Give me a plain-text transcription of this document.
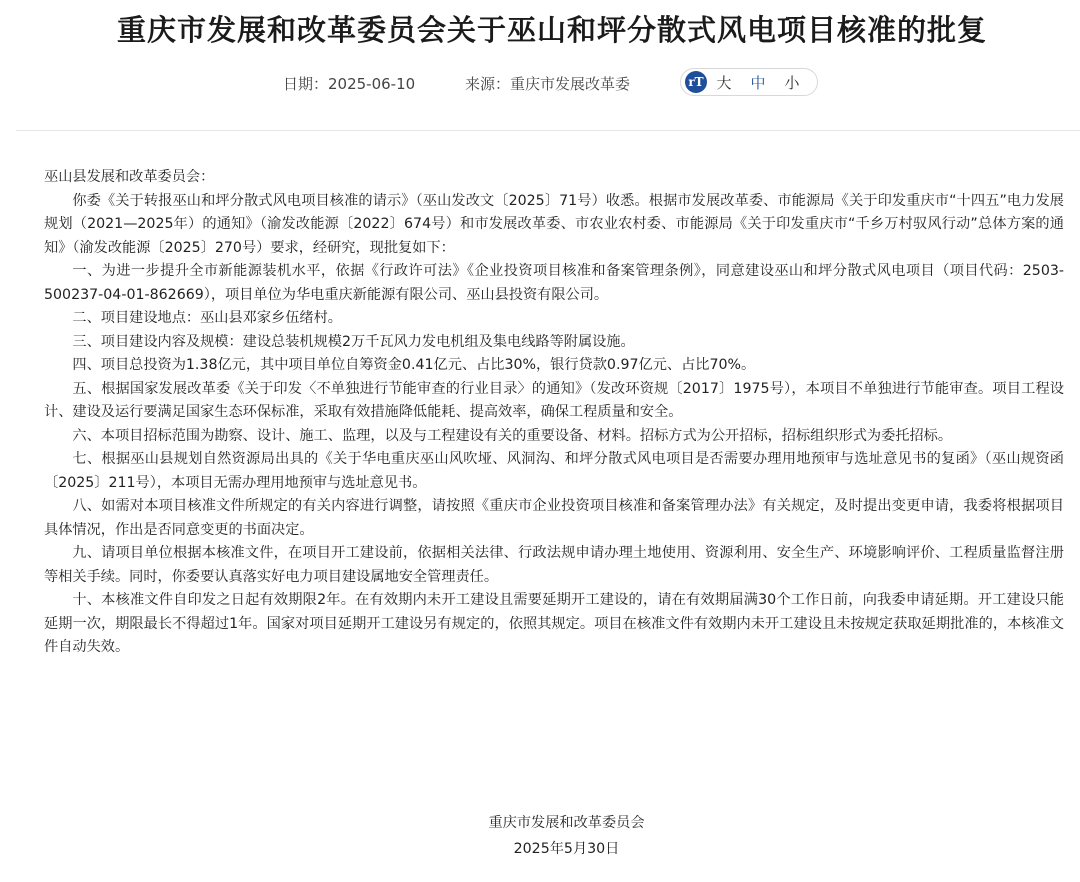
重庆市发展和改革委员会关于巫山和坪分散式风电项目核准的批复
日期：2025-06-10	来源：重庆市发展改革委	rT 大	中	小

巫山县发展和改革委员会：

你委《关于转报巫山和坪分散式风电项目核准的请示》（巫山发改文〔2025〕71号）收悉。根据市发展改革委、市能源局《关于印发重庆市“十四五”电力发展规划（2021—2025年）的通知》（渝发改能源〔2022〕674号）和市发展改革委、市农业农村委、市能源局《关于印发重庆市“千乡万村驭风行动”总体方案的通知》（渝发改能源〔2025〕270号）要求，经研究，现批复如下：

一、为进一步提升全市新能源装机水平，依据《行政许可法》《企业投资项目核准和备案管理条例》，同意建设巫山和坪分散式风电项目（项目代码：2503-500237-04-01-862669），项目单位为华电重庆新能源有限公司、巫山县投资有限公司。

二、项目建设地点：巫山县邓家乡伍绪村。

三、项目建设内容及规模：建设总装机规模2万千瓦风力发电机组及集电线路等附属设施。

四、项目总投资为1.38亿元，其中项目单位自筹资金0.41亿元、占比30%，银行贷款0.97亿元、占比70%。

五、根据国家发展改革委《关于印发〈不单独进行节能审查的行业目录〉的通知》（发改环资规〔2017〕1975号），本项目不单独进行节能审查。项目工程设计、建设及运行要满足国家生态环保标准，采取有效措施降低能耗、提高效率，确保工程质量和安全。

六、本项目招标范围为勘察、设计、施工、监理，以及与工程建设有关的重要设备、材料。招标方式为公开招标，招标组织形式为委托招标。

七、根据巫山县规划自然资源局出具的《关于华电重庆巫山风吹垭、风洞沟、和坪分散式风电项目是否需要办理用地预审与选址意见书的复函》（巫山规资函〔2025〕211号），本项目无需办理用地预审与选址意见书。

八、如需对本项目核准文件所规定的有关内容进行调整，请按照《重庆市企业投资项目核准和备案管理办法》有关规定，及时提出变更申请，我委将根据项目具体情况，作出是否同意变更的书面决定。

九、请项目单位根据本核准文件，在项目开工建设前，依据相关法律、行政法规申请办理土地使用、资源利用、安全生产、环境影响评价、工程质量监督注册等相关手续。同时，你委要认真落实好电力项目建设属地安全管理责任。

十、本核准文件自印发之日起有效期限2年。在有效期内未开工建设且需要延期开工建设的，请在有效期届满30个工作日前，向我委申请延期。开工建设只能延期一次，期限最长不得超过1年。国家对项目延期开工建设另有规定的，依照其规定。项目在核准文件有效期内未开工建设且未按规定获取延期批准的，本核准文件自动失效。

重庆市发展和改革委员会
2025年5月30日
